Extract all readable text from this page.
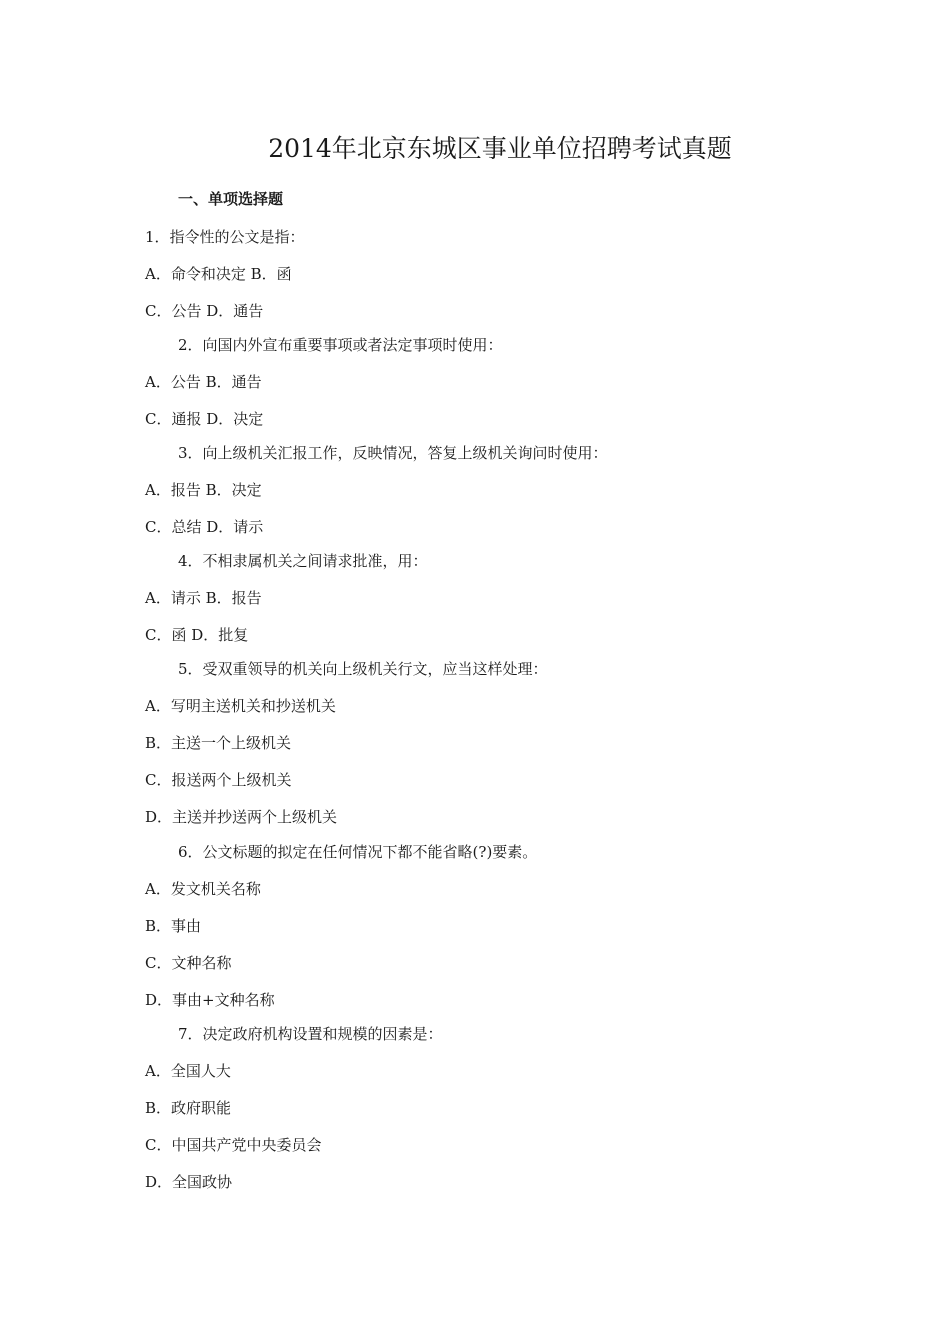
2014年北京东城区事业单位招聘考试真题
一、单项选择题
1．指令性的公文是指：
A．命令和决定 B．函
C．公告 D．通告
2．向国内外宣布重要事项或者法定事项时使用：
A．公告 B．通告
C．通报 D．决定
3．向上级机关汇报工作，反映情况，答复上级机关询问时使用：
A．报告 B．决定
C．总结 D．请示
4．不相隶属机关之间请求批准，用：
A．请示 B．报告
C．函 D．批复
5．受双重领导的机关向上级机关行文，应当这样处理：
A．写明主送机关和抄送机关
B．主送一个上级机关
C．报送两个上级机关
D．主送并抄送两个上级机关
6．公文标题的拟定在任何情况下都不能省略(?)要素。
A．发文机关名称
B．事由
C．文种名称
D．事由+文种名称
7．决定政府机构设置和规模的因素是：
A．全国人大
B．政府职能
C．中国共产党中央委员会
D．全国政协
